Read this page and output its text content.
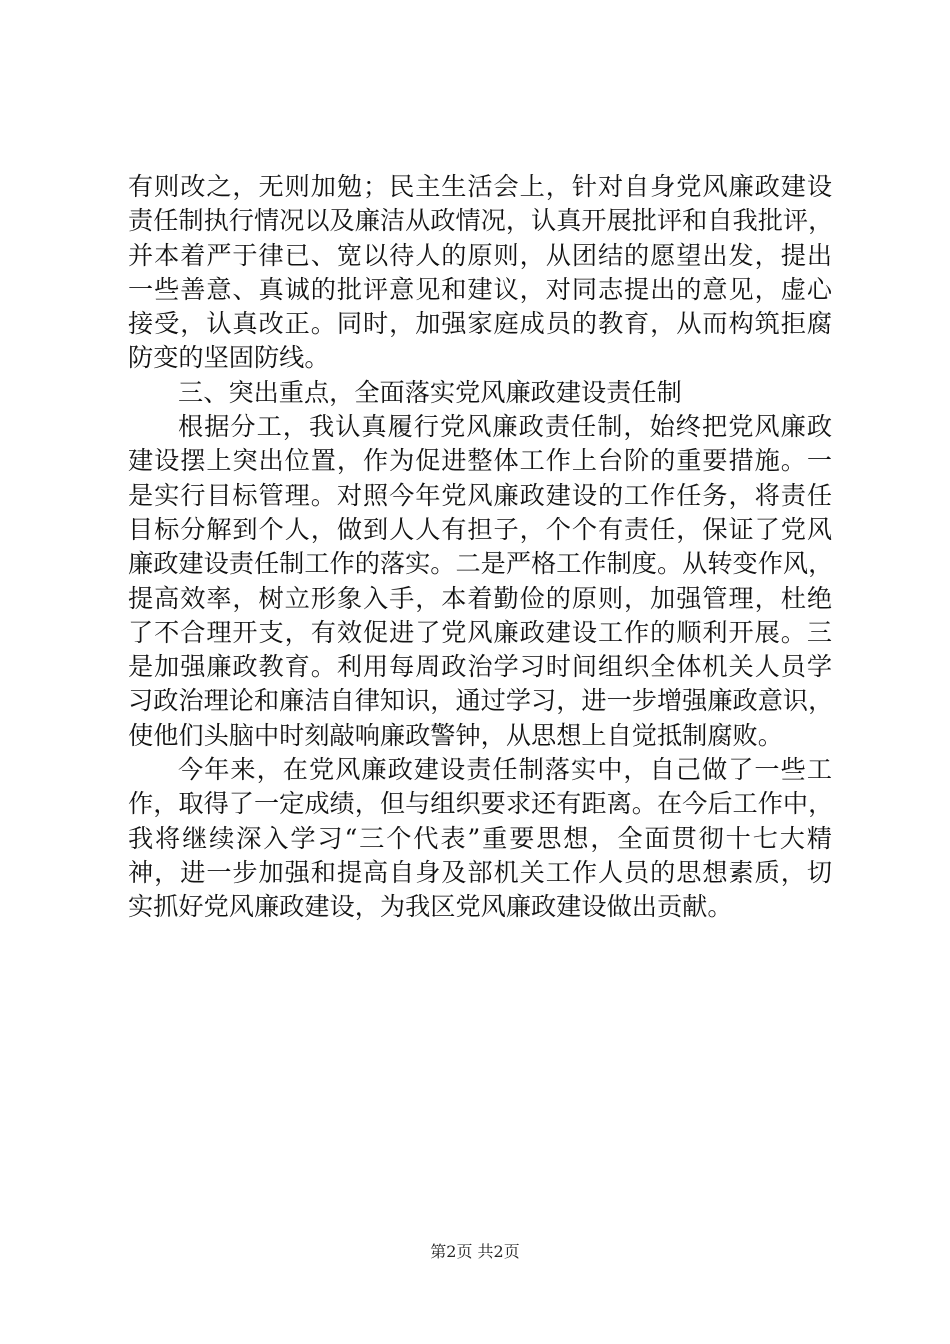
有则改之，无则加勉；民主生活会上，针对自身党风廉政建设
责任制执行情况以及廉洁从政情况，认真开展批评和自我批评，
并本着严于律已、宽以待人的原则，从团结的愿望出发，提出
一些善意、真诚的批评意见和建议，对同志提出的意见，虚心
接受，认真改正。同时，加强家庭成员的教育，从而构筑拒腐
防变的坚固防线。
三、突出重点，全面落实党风廉政建设责任制
根据分工，我认真履行党风廉政责任制，始终把党风廉政
建设摆上突出位置，作为促进整体工作上台阶的重要措施。一
是实行目标管理。对照今年党风廉政建设的工作任务，将责任
目标分解到个人，做到人人有担子，个个有责任，保证了党风
廉政建设责任制工作的落实。二是严格工作制度。从转变作风，
提高效率，树立形象入手，本着勤俭的原则，加强管理，杜绝
了不合理开支，有效促进了党风廉政建设工作的顺利开展。三
是加强廉政教育。利用每周政治学习时间组织全体机关人员学
习政治理论和廉洁自律知识，通过学习，进一步增强廉政意识，
使他们头脑中时刻敲响廉政警钟，从思想上自觉抵制腐败。
今年来，在党风廉政建设责任制落实中，自己做了一些工
作，取得了一定成绩，但与组织要求还有距离。在今后工作中，
我将继续深入学习“三个代表”重要思想，全面贯彻十七大精
神，进一步加强和提高自身及部机关工作人员的思想素质，切
实抓好党风廉政建设，为我区党风廉政建设做出贡献。
第2页 共2页
